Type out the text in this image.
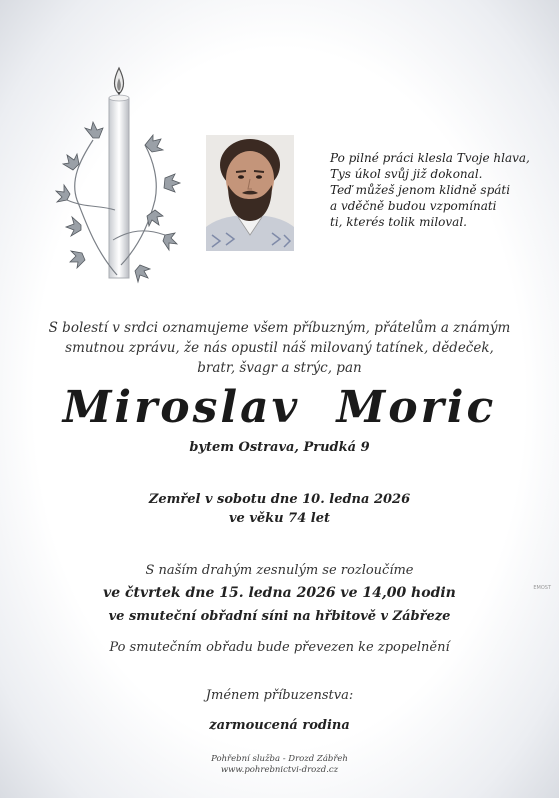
Po pilné práci klesla Tvoje hlava,
Tys úkol svůj již dokonal.
Teď můžeš jenom klidně spáti
a vděčně budou vzpomínati
ti, kterés tolik miloval.
S bolestí v srdci oznamujeme všem příbuzným, přátelům a známým
smutnou zprávu, že nás opustil náš milovaný tatínek, dědeček,
bratr, švagr a strýc, pan
Miroslav Moric
bytem Ostrava, Prudká 9
Zemřel v sobotu dne 10. ledna 2026
ve věku 74 let
S naším drahým zesnulým se rozloučíme
ve čtvrtek dne 15. ledna 2026 ve 14,00 hodin
ve smuteční obřadní síni na hřbitově v Zábřeze
Po smutečním obřadu bude převezen ke zpopelnění
Jménem příbuzenstva:
zarmoucená rodina
Pohřební služba - Drozd Zábřeh
www.pohrebnictvi-drozd.cz
EMOST
